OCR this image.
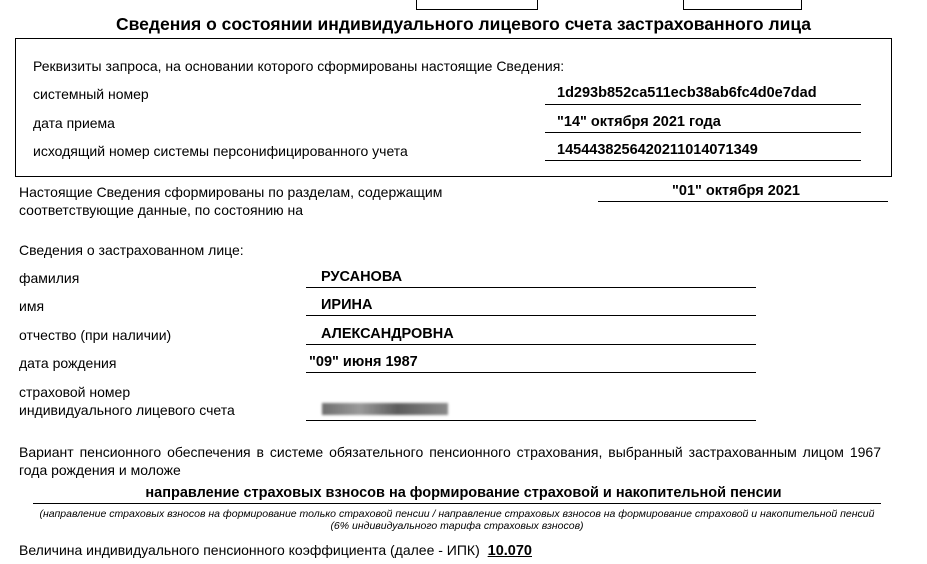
Сведения о состоянии индивидуального лицевого счета застрахованного лица
Реквизиты запроса, на основании которого сформированы настоящие Сведения:
системный номер	1d293b852ca511ecb38ab6fc4d0e7dad
дата приема	"14" октября 2021 года
исходящий номер системы персонифицированного учета	1454438256420211014071349
Настоящие Сведения сформированы по разделам, содержащим
соответствующие данные, по состоянию на
"01" октября 2021
Сведения о застрахованном лице:
фамилия	РУСАНОВА
имя	ИРИНА
отчество (при наличии)	АЛЕКСАНДРОВНА
дата рождения	"09" июня 1987
страховой номер
индивидуального лицевого счета
Вариант пенсионного обеспечения в системе обязательного пенсионного страхования, выбранный застрахованным лицом 1967 года рождения и моложе
направление страховых взносов на формирование страховой и накопительной пенсии
(направление страховых взносов на формирование только страховой пенсии / направление страховых взносов на формирование страховой и накопительной пенсий (6% индивидуального тарифа страховых взносов)
Величина индивидуального пенсионного коэффициента (далее - ИПК) 10.070
